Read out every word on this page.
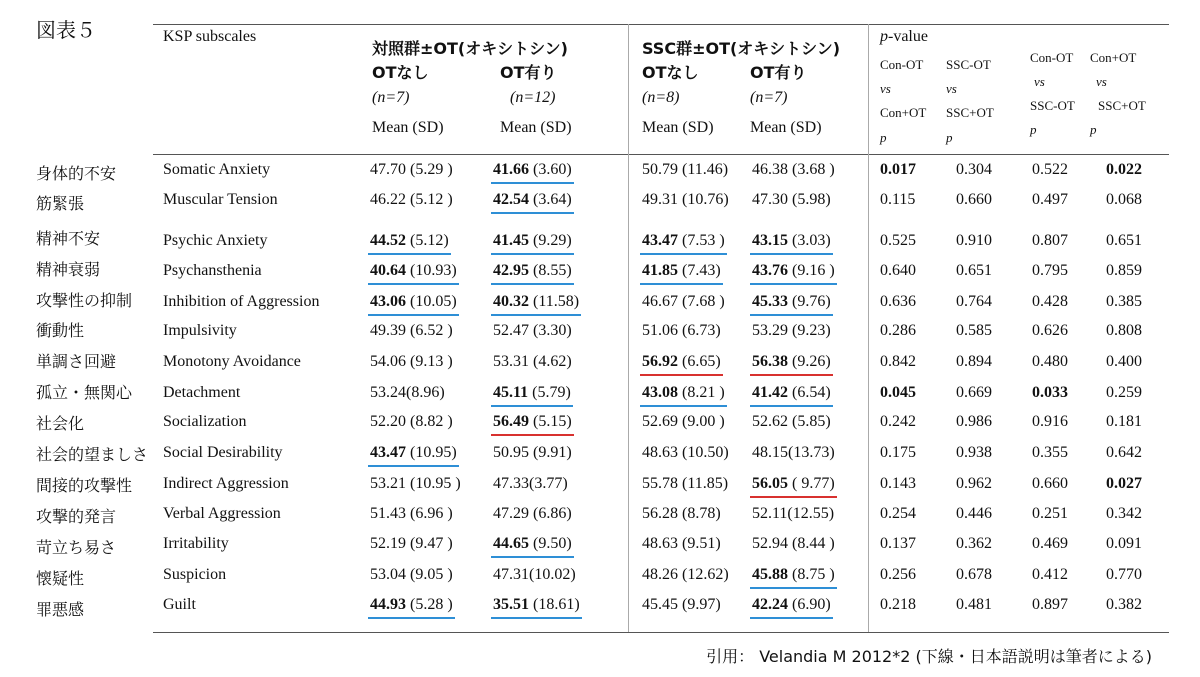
図表５	KSP subscales
対照群±OT(オキシトシン)	SSC群±OT(オキシトシン)
OTなし	OT有り	OTなし	OT有り
(n=7)	(n=12)	(n=8)	(n=7)
Mean (SD)	Mean (SD)	Mean (SD) Mean (SD)
p-value
Con-OT
vs
Con+OT
p
SSC-OT
vs
SSC+OT
p
Con-OT
vs
SSC-OT
p
Con+OT
vs
SSC+OT
p
身体的不安	Somatic Anxiety	47.70 (5.29 )	41.66 (3.60)	50.79 (11.46) 46.38 (3.68 )	0.017	0.304	0.522 0.022
筋緊張	Muscular Tension	46.22 (5.12 )	42.54 (3.64)	49.31 (10.76) 47.30 (5.98)	0.115	0.660	0.497 0.068
精神不安	Psychic Anxiety	44.52 (5.12)	41.45 (9.29)	43.47 (7.53 ) 43.15 (3.03)	0.525	0.910	0.807 0.651
精神衰弱	Psychansthenia	40.64 (10.93) 42.95 (8.55)	41.85 (7.43) 43.76 (9.16 )	0.640	0.651	0.795 0.859
攻撃性の抑制 Inhibition of Aggression	43.06 (10.05) 40.32 (11.58)	46.67 (7.68 ) 45.33 (9.76)	0.636	0.764	0.428 0.385
衝動性	Impulsivity	49.39 (6.52 )	52.47 (3.30)	51.06 (6.73) 53.29 (9.23)	0.286	0.585	0.626 0.808
単調さ回避	Monotony Avoidance	54.06 (9.13 )	53.31 (4.62)	56.92 (6.65) 56.38 (9.26)	0.842	0.894	0.480 0.400
孤立・無関心 Detachment	53.24(8.96)	45.11 (5.79)	43.08 (8.21 ) 41.42 (6.54)	0.045	0.669	0.033 0.259
社会化	Socialization	52.20 (8.82 )	56.49 (5.15)	52.69 (9.00 ) 52.62 (5.85)	0.242	0.986	0.916 0.181
社会的望ましさ Social Desirability	43.47 (10.95) 50.95 (9.91)	48.63 (10.50) 48.15(13.73)	0.175	0.938	0.355 0.642
間接的攻撃性 Indirect Aggression	53.21 (10.95 ) 47.33(3.77)	55.78 (11.85) 56.05 ( 9.77)	0.143	0.962	0.660 0.027
攻撃的発言	Verbal Aggression	51.43 (6.96 )	47.29 (6.86)	56.28 (8.78) 52.11(12.55)	0.254	0.446	0.251 0.342
苛立ち易さ	Irritability	52.19 (9.47 )	44.65 (9.50)	48.63 (9.51) 52.94 (8.44 )	0.137	0.362	0.469 0.091
懐疑性	Suspicion	53.04 (9.05 )	47.31(10.02)	48.26 (12.62) 45.88 (8.75 )	0.256	0.678	0.412 0.770
罪悪感	Guilt	44.93 (5.28 )	35.51 (18.61)	45.45 (9.97) 42.24 (6.90)	0.218	0.481	0.897 0.382
引用： Velandia M 2012*2 (下線・日本語説明は筆者による)
